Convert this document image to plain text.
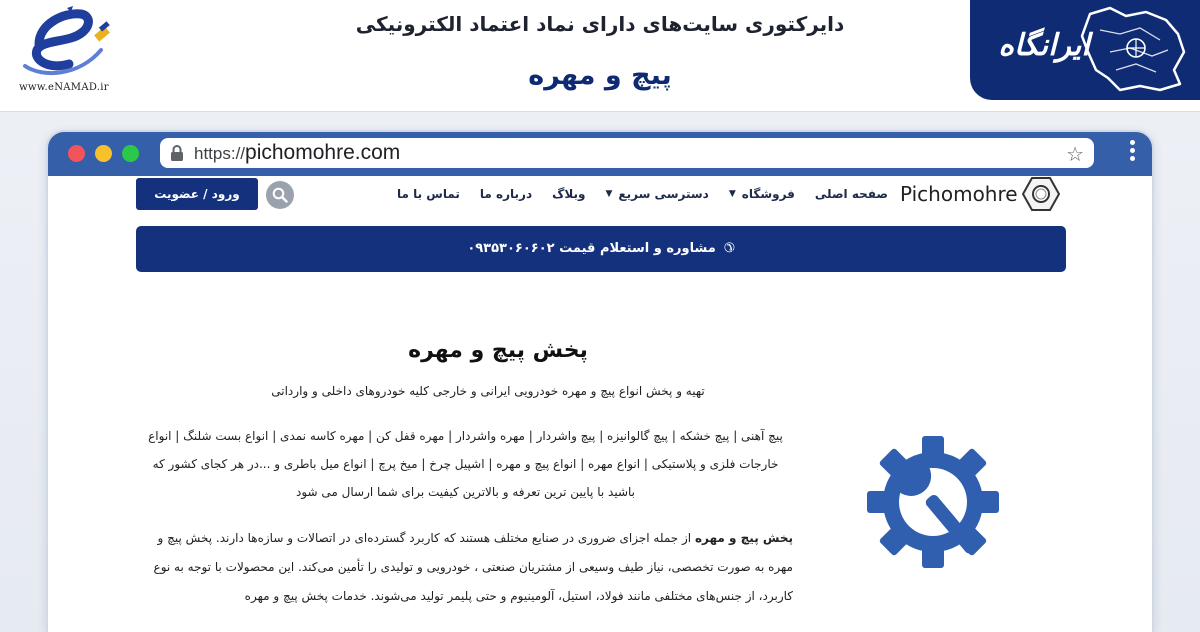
www.eNAMAD.ir
دایرکتوری سایت‌های دارای نماد اعتماد الکترونیکی
پیچ و مهره
ایرانگاه
https://pichomohre.com	☆
ورود / عضویت	صفحه اصلی
فروشگاه
▼
دسترسی سریع
▼
وبلاگ
درباره ما
تماس با ما	Pichomohre
✆مشاوره و استعلام قیمت ۰۹۳۵۳۰۶۰۶۰۲
پخش پیچ و مهره

تهیه و پخش انواع پیچ و مهره خودرویی ایرانی و خارجی کلیه خودروهای داخلی و وارداتی

پیچ آهنی | پیچ خشکه | پیچ گالوانیزه | پیچ واشردار | مهره واشردار | مهره قفل کن | مهره کاسه نمدی | انواع بست شلنگ | انواع خارجات فلزی و پلاستیکی | انواع مهره | انواع پیچ و مهره | اشپیل چرخ | میخ پرچ | انواع میل باطری و ...در هر کجای کشور که باشید با پایین ترین تعرفه و بالاترین کیفیت برای شما ارسال می شود

پخش پیچ و مهره از جمله اجزای ضروری در صنایع مختلف هستند که کاربرد گسترده‌ای در اتصالات و سازه‌ها دارند. پخش پیچ و مهره به صورت تخصصی، نیاز طیف وسیعی از مشتریان صنعتی ، خودرویی و تولیدی را تأمین می‌کند. این محصولات با توجه به نوع کاربرد، از جنس‌های مختلفی مانند فولاد، استیل، آلومینیوم و حتی پلیمر تولید می‌شوند. خدمات پخش پیچ و مهره
